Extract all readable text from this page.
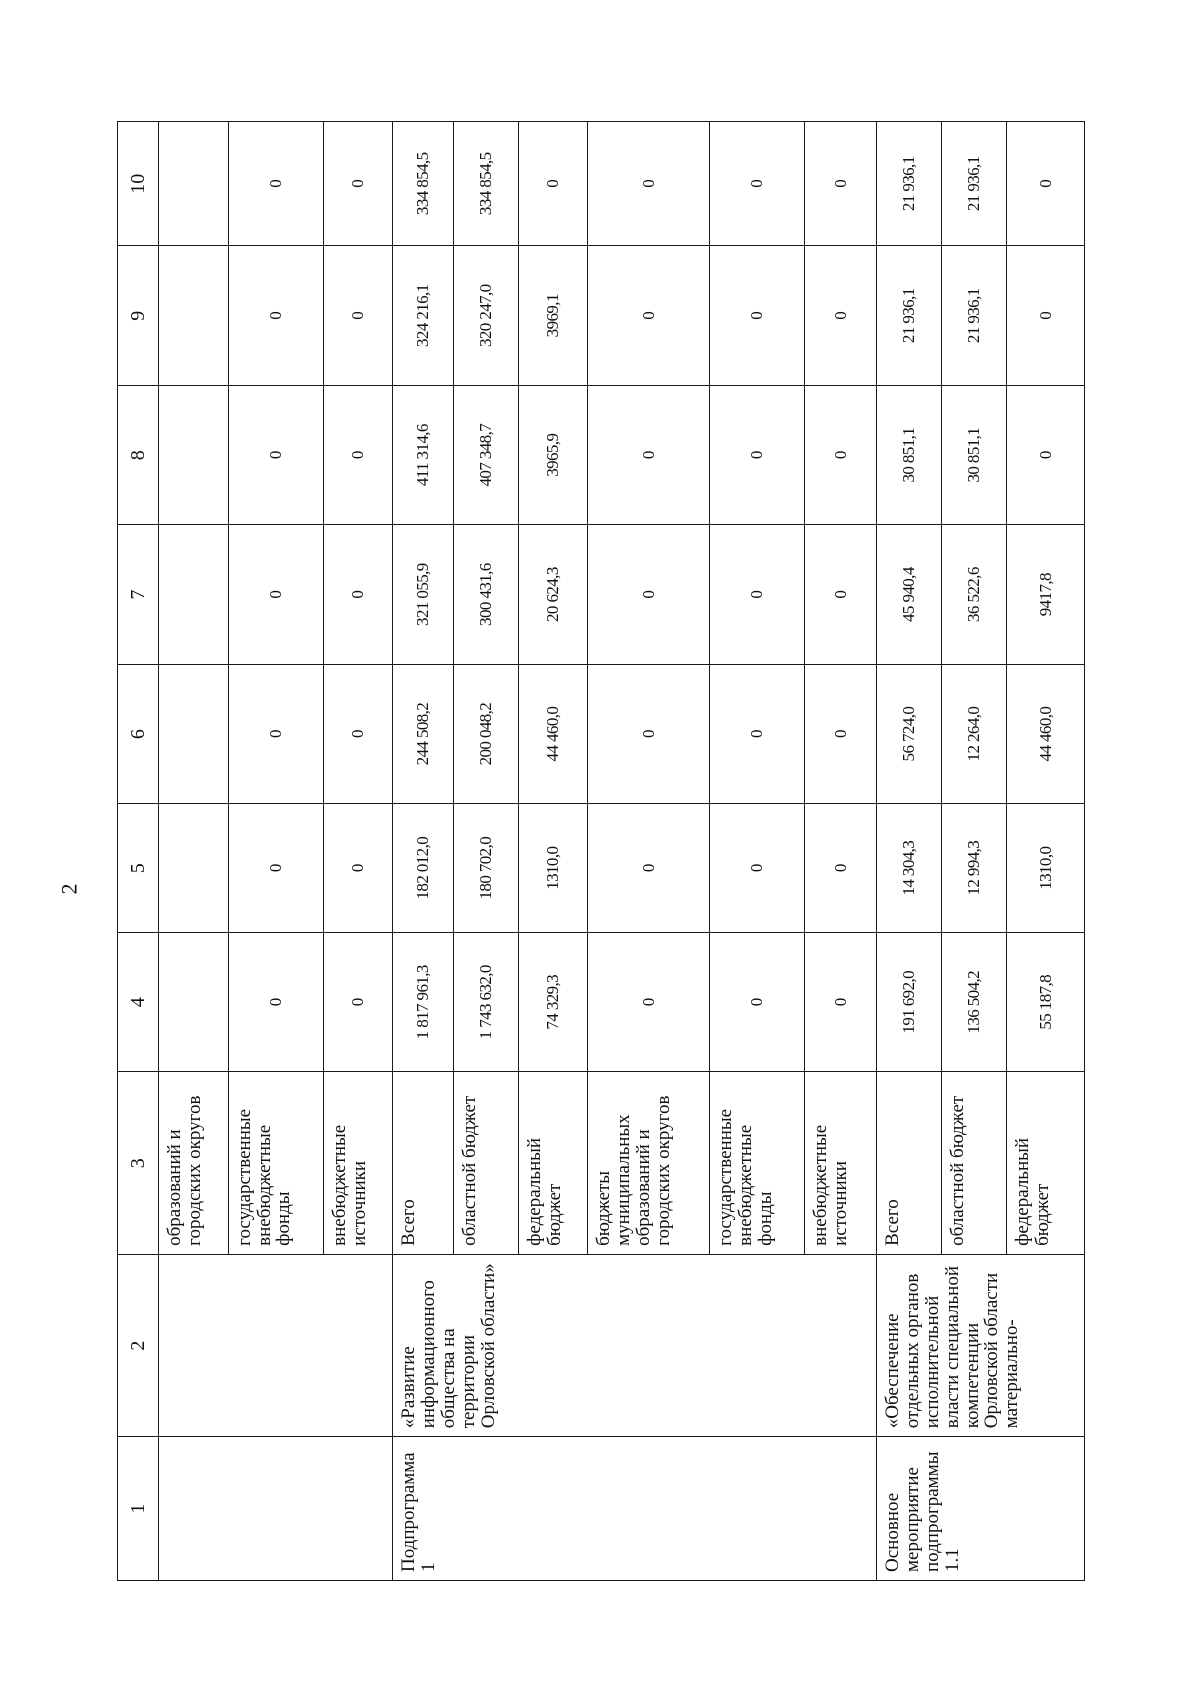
2
1	2	3	4	5	6	7	8	9	10
		образований и городских округов							
		государственные внебюджетные фонды	0	0	0	0	0	0	0
		внебюджетные источники	0	0	0	0	0	0	0
Подпрограмма 1	«Развитие информационного общества на территории Орловской области»	Всего	1 817 961,3	182 012,0	244 508,2	321 055,9	411 314,6	324 216,1	334 854,5
		областной бюджет	1 743 632,0	180 702,0	200 048,2	300 431,6	407 348,7	320 247,0	334 854,5
		федеральный бюджет	74 329,3	1310,0	44 460,0	20 624,3	3965,9	3969,1	0
		бюджеты муниципальных образований и городских округов	0	0	0	0	0	0	0
		государственные внебюджетные фонды	0	0	0	0	0	0	0
		внебюджетные источники	0	0	0	0	0	0	0
Основное мероприятие подпрограммы 1.1	«Обеспечение отдельных органов исполнительной власти специальной компетенции Орловской области материально-	Всего	191 692,0	14 304,3	56 724,0	45 940,4	30 851,1	21 936,1	21 936,1
		областной бюджет	136 504,2	12 994,3	12 264,0	36 522,6	30 851,1	21 936,1	21 936,1
		федеральный бюджет	55 187,8	1310,0	44 460,0	9417,8	0	0	0
